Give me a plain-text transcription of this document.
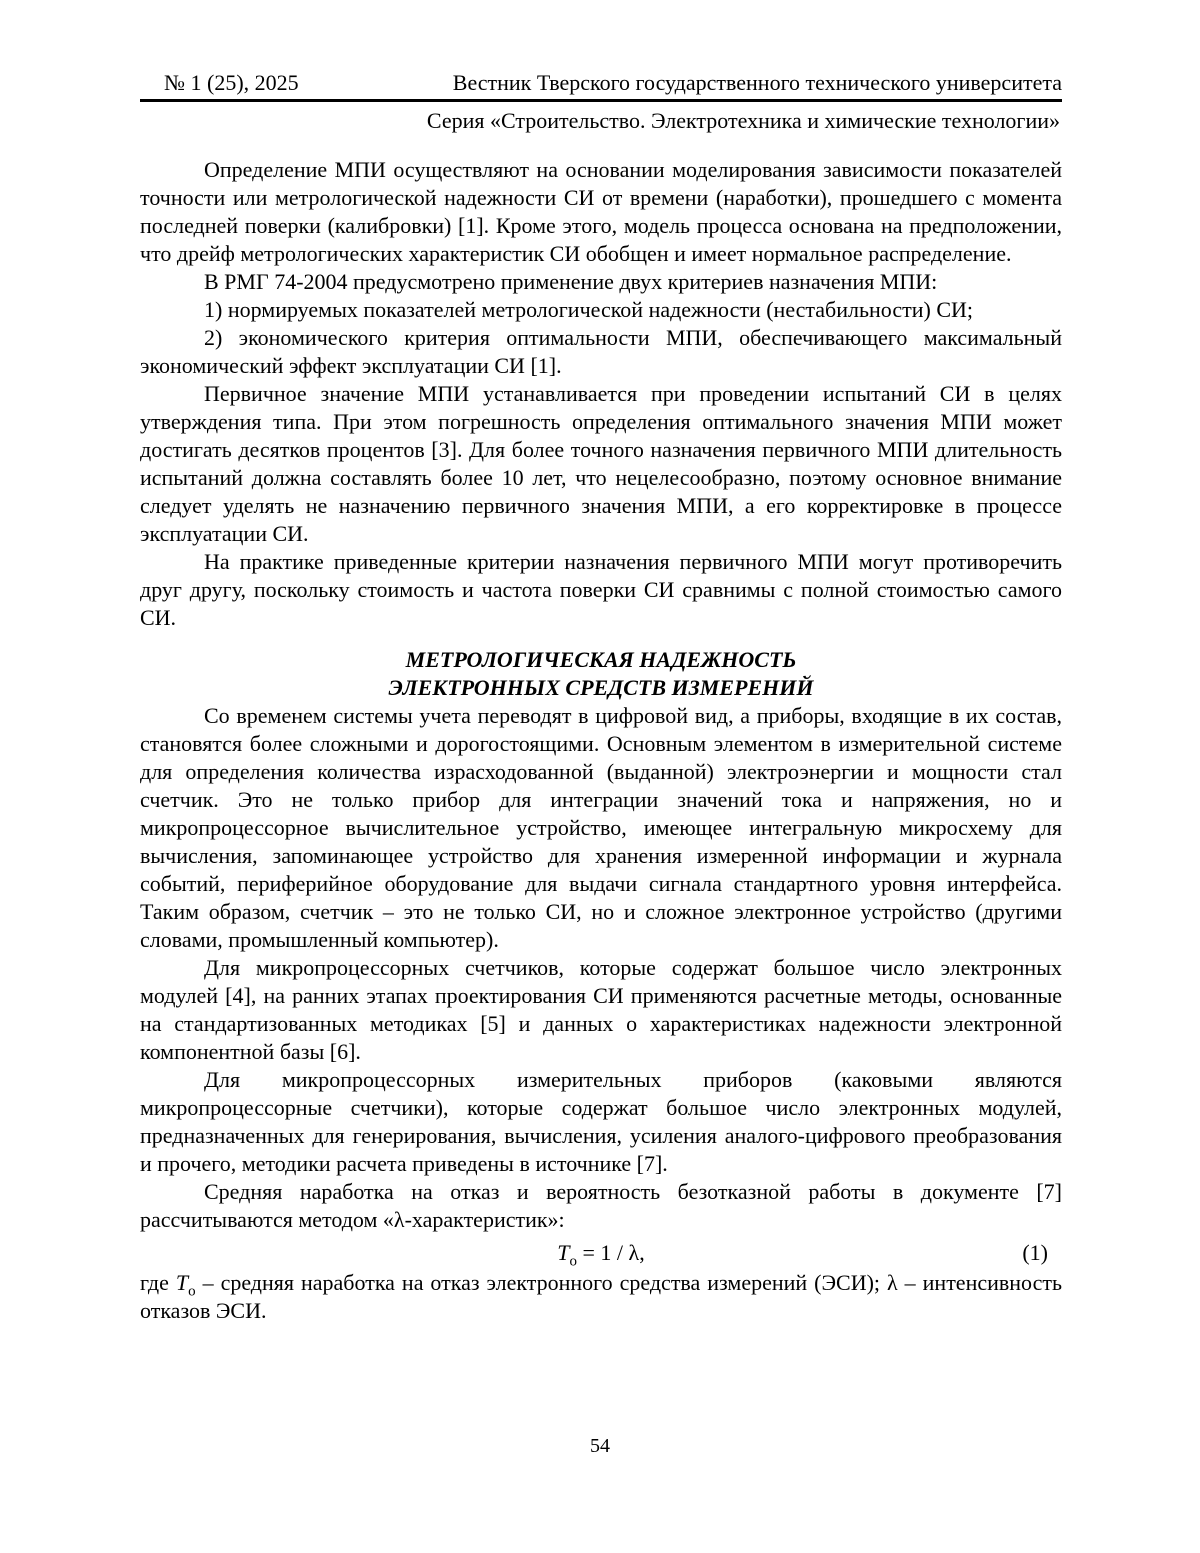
№ 1 (25), 2025	Вестник Тверского государственного технического университета
Серия «Строительство. Электротехника и химические технологии»

Определение МПИ осуществляют на основании моделирования зависимости показателей точности или метрологической надежности СИ от времени (наработки), прошедшего с момента последней поверки (калибровки) [1]. Кроме этого, модель процесса основана на предположении, что дрейф метрологических характеристик СИ обобщен и имеет нормальное распределение.

В РМГ 74-2004 предусмотрено применение двух критериев назначения МПИ:

1) нормируемых показателей метрологической надежности (нестабильности) СИ;

2) экономического критерия оптимальности МПИ, обеспечивающего максимальный экономический эффект эксплуатации СИ [1].

Первичное значение МПИ устанавливается при проведении испытаний СИ в целях утверждения типа. При этом погрешность определения оптимального значения МПИ может достигать десятков процентов [3]. Для более точного назначения первичного МПИ длительность испытаний должна составлять более 10 лет, что нецелесообразно, поэтому основное внимание следует уделять не назначению первичного значения МПИ, а его корректировке в процессе эксплуатации СИ.

На практике приведенные критерии назначения первичного МПИ могут противоречить друг другу, поскольку стоимость и частота поверки СИ сравнимы с полной стоимостью самого СИ.

МЕТРОЛОГИЧЕСКАЯ НАДЕЖНОСТЬ
ЭЛЕКТРОННЫХ СРЕДСТВ ИЗМЕРЕНИЙ

Со временем системы учета переводят в цифровой вид, а приборы, входящие в их состав, становятся более сложными и дорогостоящими. Основным элементом в измерительной системе для определения количества израсходованной (выданной) электроэнергии и мощности стал счетчик. Это не только прибор для интеграции значений тока и напряжения, но и микропроцессорное вычислительное устройство, имеющее интегральную микросхему для вычисления, запоминающее устройство для хранения измеренной информации и журнала событий, периферийное оборудование для выдачи сигнала стандартного уровня интерфейса. Таким образом, счетчик – это не только СИ, но и сложное электронное устройство (другими словами, промышленный компьютер).

Для микропроцессорных счетчиков, которые содержат большое число электронных модулей [4], на ранних этапах проектирования СИ применяются расчетные методы, основанные на стандартизованных методиках [5] и данных о характеристиках надежности электронной компонентной базы [6].

Для микропроцессорных измерительных приборов (каковыми являются микропроцессорные счетчики), которые содержат большое число электронных модулей, предназначенных для генерирования, вычисления, усиления аналого-цифрового преобразования и прочего, методики расчета приведены в источнике [7].

Средняя наработка на отказ и вероятность безотказной работы в документе [7] рассчитываются методом «λ-характеристик»:

$T_о = 1 / \lambda$,	(1)

где $T_о$ – средняя наработка на отказ электронного средства измерений (ЭСИ); λ – интенсивность отказов ЭСИ.

54
